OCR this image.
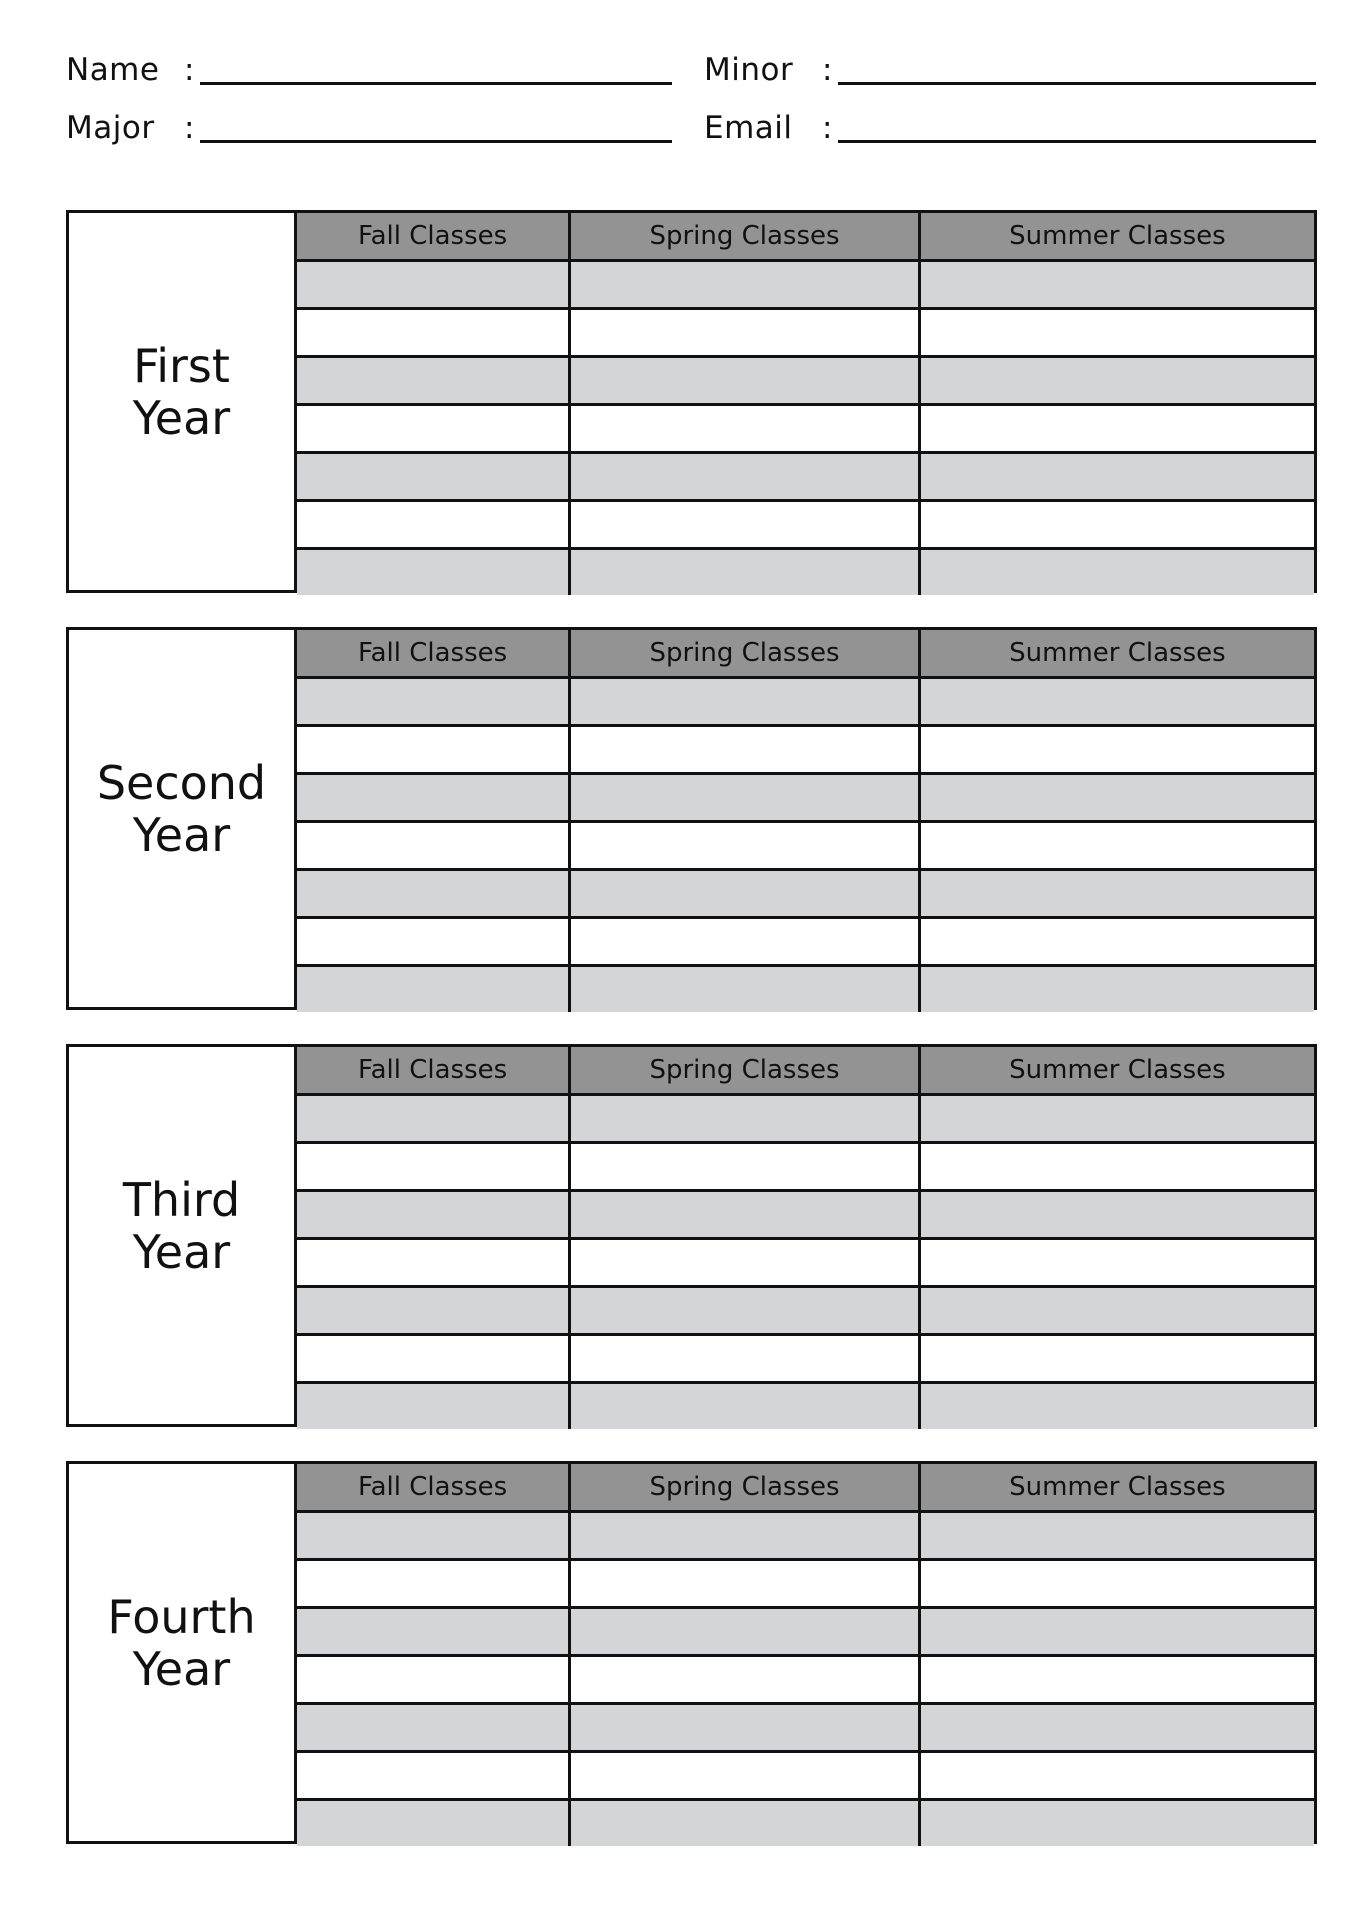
Name :	Minor :
Major :	Email :
First
Year
Fall Classes	Spring Classes	Summer Classes

Second
Year
Fall Classes	Spring Classes	Summer Classes

Third
Year
Fall Classes	Spring Classes	Summer Classes

Fourth
Year
Fall Classes	Spring Classes	Summer Classes
